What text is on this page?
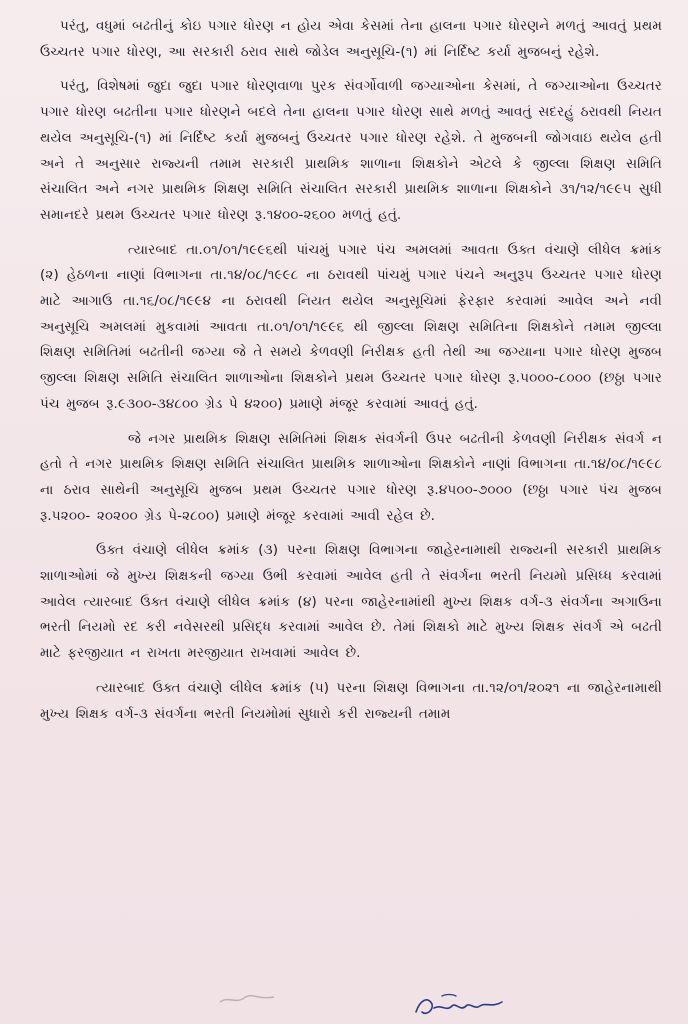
પરંતુ, વધુમાં બઢતીનું કોઇ પગાર ધોરણ ન હોય એવા કેસમાં તેના હાલના પગાર ધોરણને મળતું આવતું પ્રથમ ઉચ્ચતર પગાર ધોરણ, આ સરકારી ઠરાવ સાથે જોડેલ અનુસૂચિ-(૧) માં નિર્દિષ્ટ કર્યા મુજબનું રહેશે.

પરંતુ, વિશેષમાં જુદા જુદા પગાર ધોરણવાળા પુરક સંવર્ગોવાળી જગ્યાઓના કેસમાં, તે જગ્યાઓના ઉચ્ચતર પગાર ધોરણ બઢતીના પગાર ધોરણને બદલે તેના હાલના પગાર ધોરણ સાથે મળતું આવતું સદરહું ઠરાવથી નિયત થયેલ અનુસૂચિ-(૧) માં નિર્દિષ્ટ કર્યા મુજબનું ઉચ્ચતર પગાર ધોરણ રહેશે. તે મુજબની જોગવાઇ થયેલ હતી અને તે અનુસાર રાજ્યની તમામ સરકારી પ્રાથમિક શાળાના શિક્ષકોને એટલે કે જીલ્લા શિક્ષણ સમિતિ સંચાલિત અને નગર પ્રાથમિક શિક્ષણ સમિતિ સંચાલિત સરકારી પ્રાથમિક શાળાના શિક્ષકોને ૩૧/૧૨/૧૯૯૫ સુધી સમાનદરે પ્રથમ ઉચ્ચતર પગાર ધોરણ રૂ.૧૪૦૦-૨૬૦૦ મળતું હતું.

ત્યારબાદ તા.૦૧/૦૧/૧૯૯૬થી પાંચમું પગાર પંચ અમલમાં આવતા ઉક્ત વંચાણે લીધેલ ક્રમાંક (૨) હેઠળના નાણાં વિભાગના તા.૧૪/૦૮/૧૯૯૮ ના ઠરાવથી પાંચમું પગાર પંચને અનુરૂપ ઉચ્ચતર પગાર ધોરણ માટે આગાઉ તા.૧૬/૦૮/૧૯૯૪ ના ઠરાવથી નિયત થયેલ અનુસૂચિમાં ફેરફાર કરવામાં આવેલ અને નવી અનુસૂચિ અમલમાં મુકવામાં આવતા તા.૦૧/૦૧/૧૯૯૬ થી જીલ્લા શિક્ષણ સમિતિના શિક્ષકોને તમામ જીલ્લા શિક્ષણ સમિતિમાં બઢતીની જગ્યા જે તે સમયે કેળવણી નિરીક્ષક હતી તેથી આ જગ્યાના પગાર ધોરણ મુજબ જીલ્લા શિક્ષણ સમિતિ સંચાલિત શાળાઓના શિક્ષકોને પ્રથમ ઉચ્ચતર પગાર ધોરણ રૂ.૫૦૦૦-૮૦૦૦ (છઠ્ઠા પગાર પંચ મુજબ રૂ.૯૩૦૦-૩૪૮૦૦ ગ્રેડ પે ૪૨૦૦) પ્રમાણે મંજૂર કરવામાં આવતું હતું.

જે નગર પ્રાથમિક શિક્ષણ સમિતિમાં શિક્ષક સંવર્ગની ઉપર બઢતીની કેળવણી નિરીક્ષક સંવર્ગ ન હતો તે નગર પ્રાથમિક શિક્ષણ સમિતિ સંચાલિત પ્રાથમિક શાળાઓના શિક્ષકોને નાણાં વિભાગના તા.૧૪/૦૮/૧૯૯૮ ના ઠરાવ સાથેની અનુસૂચિ મુજબ પ્રથમ ઉચ્ચતર પગાર ધોરણ રૂ.૪૫૦૦-૭૦૦૦ (છઠ્ઠા પગાર પંચ મુજબ રૂ.૫૨૦૦- ૨૦૨૦૦ ગ્રેડ પે-૨૮૦૦) પ્રમાણે મંજૂર કરવામાં આવી રહેલ છે.

ઉક્ત વંચાણે લીધેલ ક્રમાંક (૩) પરના શિક્ષણ વિભાગના જાહેરનામાથી રાજ્યની સરકારી પ્રાથમિક શાળાઓમાં જે મુખ્ય શિક્ષકની જગ્યા ઉભી કરવામાં આવેલ હતી તે સંવર્ગના ભરતી નિયમો પ્રસિધ્ધ કરવામાં આવેલ ત્યારબાદ ઉક્ત વંચાણે લીધેલ ક્રમાંક (૪) પરના જાહેરનામાંથી મુખ્ય શિક્ષક વર્ગ-૩ સંવર્ગના અગાઉના ભરતી નિયમો રદ કરી નવેસરથી પ્રસિદ્ધ કરવામાં આવેલ છે. તેમાં શિક્ષકો માટે મુખ્ય શિક્ષક સંવર્ગ એ બઢતી માટે ફરજીયાત ન રાખતા મરજીયાત રાખવામાં આવેલ છે.

ત્યારબાદ ઉક્ત વંચાણે લીધેલ ક્રમાંક (૫) પરના શિક્ષણ વિભાગના તા.૧૨/૦૧/૨૦૨૧ ના જાહેરનામાથી મુખ્ય શિક્ષક વર્ગ-૩ સંવર્ગના ભરતી નિયમોમાં સુધારો કરી રાજ્યની તમામ
